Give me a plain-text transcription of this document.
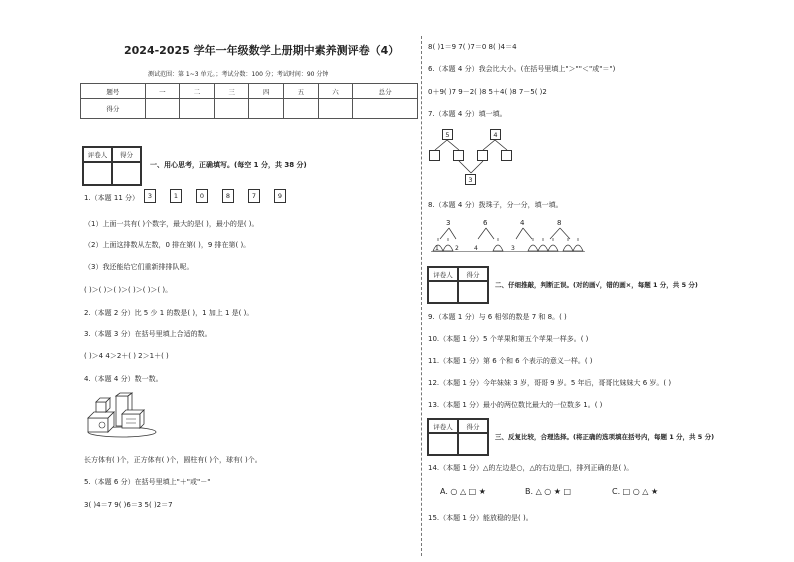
2024-2025 学年一年级数学上册期中素养测评卷（4）
测试范围：第 1~3 单元。；考试分数：100 分；考试时间：90 分钟
题号	一	二	三	四	五	六	总分
得分							
评卷人	得分
一、用心思考，正确填写。(每空 1 分，共 38 分)
1.（本题 11 分）	3	1	0	8	7	9
（1）上面一共有( )个数字，最大的是( )，最小的是( )。
（2）上面这排数从左数，0 排在第( )，9 排在第( )。
（3）我还能给它们重新排排队呢。
( )＞( )＞( )＞( )＞( )＞( )。
2.（本题 2 分）比 5 少 1 的数是( )，1 加上 1 是( )。
3.（本题 3 分）在括号里填上合适的数。
( )＞4 4＞2＋( ) 2＞1＋( )
4.（本题 4 分）数一数。
长方体有( )个，正方体有( )个，圆柱有( )个，球有( )个。
5.（本题 6 分）在括号里填上"＋"或"－"
3( )4＝7 9( )6＝3 5( )2＝7
8( )1＝9 7( )7＝0 8( )4＝4
6.（本题 4 分）我会比大小。(在括号里填上"＞""＜"或"＝")
0＋9( )7 9－2( )8 5＋4( )8 7－5( )2
7.（本题 4 分）填一填。
5	4
3
8.（本题 4 分）拨珠子，分一分，填一填。
3	6	4	8
1	2	4	3
评卷人	得分
二、仔细推敲，判断正误。(对的画√，错的画×，每题 1 分，共 5 分)
9.（本题 1 分）与 6 相邻的数是 7 和 8。( )
10.（本题 1 分）5 个苹果和第五个苹果一样多。( )
11.（本题 1 分）第 6 个和 6 个表示的意义一样。( )
12.（本题 1 分）今年妹妹 3 岁，哥哥 9 岁。5 年后，哥哥比妹妹大 6 岁。( )
13.（本题 1 分）最小的两位数比最大的一位数多 1。( )
评卷人	得分
三、反复比较，合理选择。(将正确的选项填在括号内，每题 1 分，共 5 分)
14.（本题 1 分）△的左边是○，△的右边是□，排列正确的是( )。
A. ○ △ □ ★	B. △ ○ ★ □	C. □ ○ △ ★
15.（本题 1 分）能放稳的是( )。
